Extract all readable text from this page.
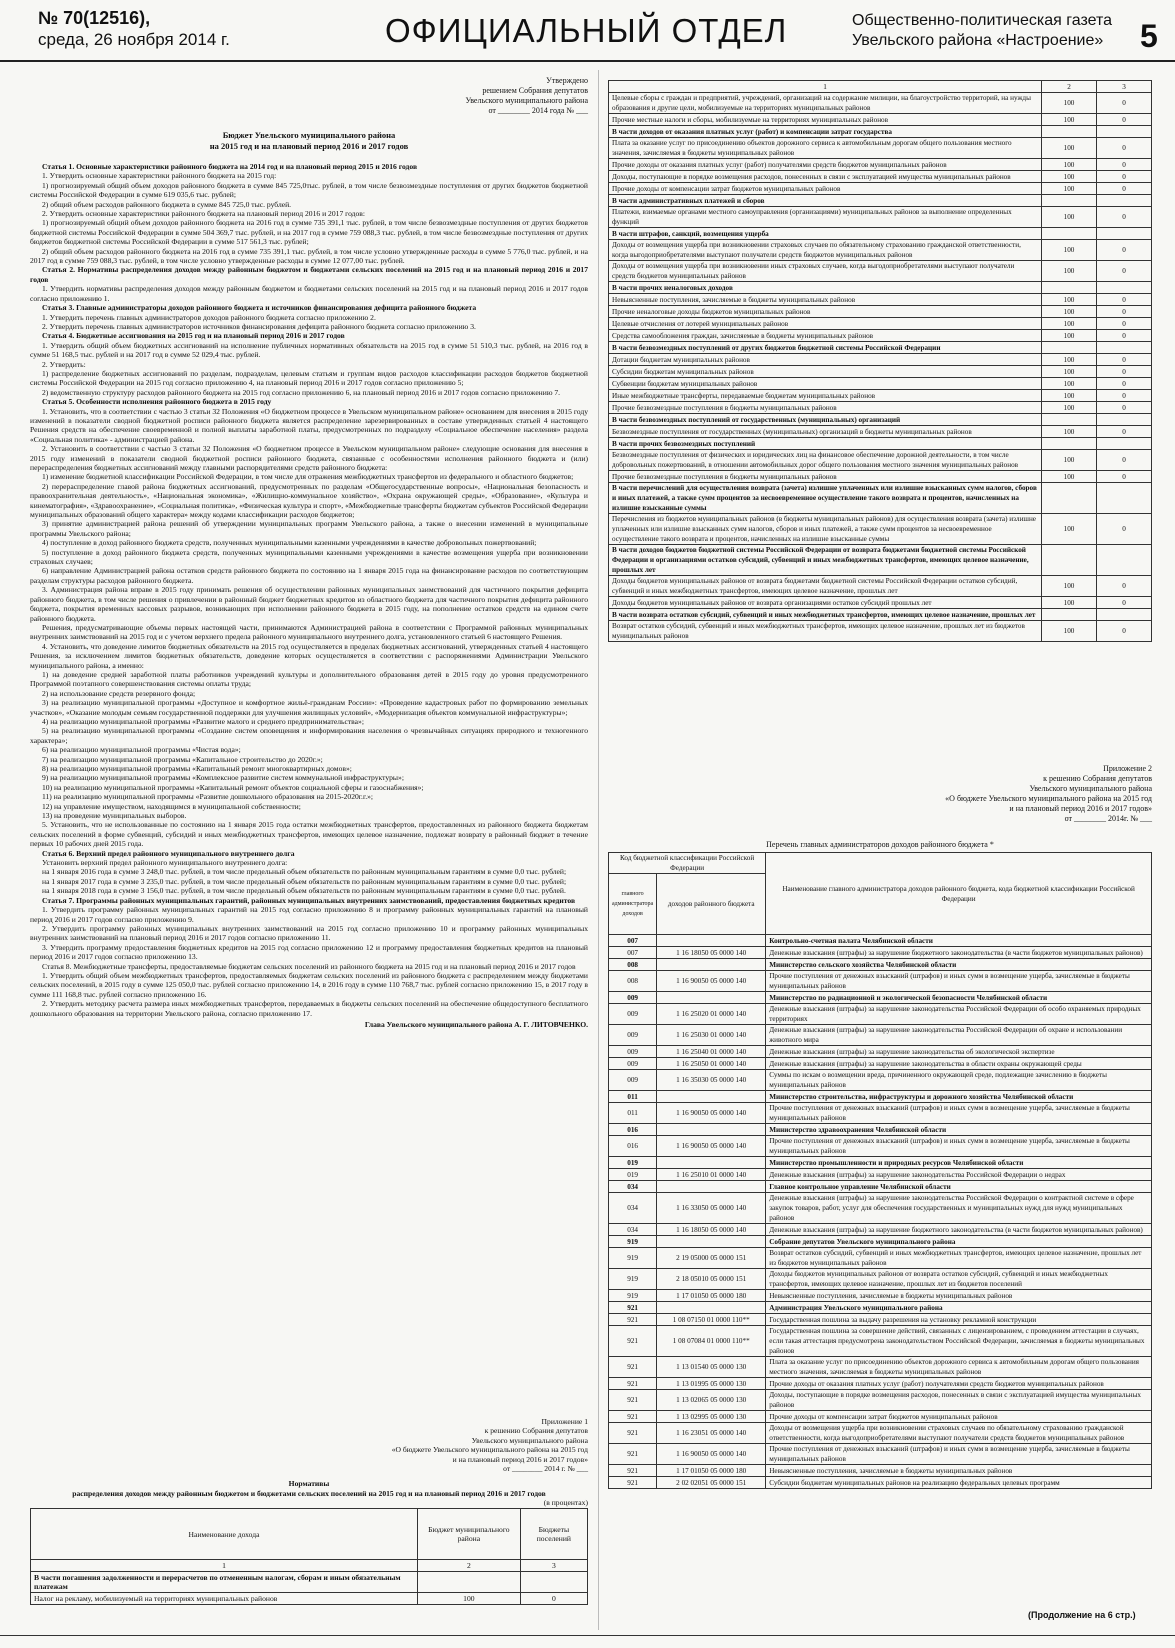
№ 70(12516),
среда, 26 ноября 2014 г.	ОФИЦИАЛЬНЫЙ ОТДЕЛ	Общественно-политическая газета
Увельского района «Настроение» 5
Утверждено
решением Собрания депутатов
Увельского муниципального района
от ________ 2014 года № ___
Бюджет Увельского муниципального района
на 2015 год и на плановый период 2016 и 2017 годов

Статья 1. Основные характеристики районного бюджета на 2014 год и на плановый период 2015 и 2016 годов

1. Утвердить основные характеристики районного бюджета на 2015 год:

1) прогнозируемый общий объем доходов районного бюджета в сумме 845 725,0тыс. рублей, в том числе безвозмездные поступления от других бюджетов бюджетной системы Российской Федерации в сумме 619 035,6 тыс. рублей;

2) общий объем расходов районного бюджета в сумме 845 725,0 тыс. рублей.

2. Утвердить основные характеристики районного бюджета на плановый период 2016 и 2017 годов:

1) прогнозируемый общий объем доходов районного бюджета на 2016 год в сумме 735 391,1 тыс. рублей, в том числе безвозмездные поступления от других бюджетов бюджетной системы Российской Федерации в сумме 504 369,7 тыс. рублей, и на 2017 год в сумме 759 088,3 тыс. рублей, в том числе безвозмездные поступления от других бюджетов бюджетной системы Российской Федерации в сумме 517 561,3 тыс. рублей;

2) общий объем расходов районного бюджета на 2016 год в сумме 735 391,1 тыс. рублей, в том числе условно утвержденные расходы в сумме 5 776,0 тыс. рублей, и на 2017 год в сумме 759 088,3 тыс. рублей, в том числе условно утвержденные расходы в сумме 12 077,00 тыс. рублей.

Статья 2. Нормативы распределения доходов между районным бюджетом и бюджетами сельских поселений на 2015 год и на плановый период 2016 и 2017 годов

1. Утвердить нормативы распределения доходов между районным бюджетом и бюджетами сельских поселений на 2015 год и на плановый период 2016 и 2017 годов согласно приложению 1.

Статья 3. Главные администраторы доходов районного бюджета и источников финансирования дефицита районного бюджета

1. Утвердить перечень главных администраторов доходов районного бюджета согласно приложению 2.

2. Утвердить перечень главных администраторов источников финансирования дефицита районного бюджета согласно приложению 3.

Статья 4. Бюджетные ассигнования на 2015 год и на плановый период 2016 и 2017 годов

1. Утвердить общий объем бюджетных ассигнований на исполнение публичных нормативных обязательств на 2015 год в сумме 51 510,3 тыс. рублей, на 2016 год в сумме 51 168,5 тыс. рублей и на 2017 год в сумме 52 029,4 тыс. рублей.

2. Утвердить:

1) распределение бюджетных ассигнований по разделам, подразделам, целевым статьям и группам видов расходов классификации расходов бюджетов бюджетной системы Российской Федерации на 2015 год согласно приложению 4, на плановый период 2016 и 2017 годов согласно приложению 5;

2) ведомственную структуру расходов районного бюджета на 2015 год согласно приложению 6, на плановый период 2016 и 2017 годов согласно приложению 7.

Статья 5. Особенности исполнения районного бюджета в 2015 году

1. Установить, что в соответствии с частью 3 статьи 32 Положения «О бюджетном процессе в Увельском муниципальном районе» основанием для внесения в 2015 году изменений в показатели сводной бюджетной росписи районного бюджета является распределение зарезервированных в составе утвержденных статьей 4 настоящего Решения средств на обеспечение своевременной и полной выплаты заработной платы, предусмотренных по подразделу «Социальное обеспечение населения» раздела «Социальная политика» - администрацией района.

2. Установить в соответствии с частью 3 статьи 32 Положения «О бюджетном процессе в Увельском муниципальном районе» следующие основания для внесения в 2015 году изменений в показатели сводной бюджетной росписи районного бюджета, связанные с особенностями исполнения районного бюджета и (или) перераспределения бюджетных ассигнований между главными распорядителями средств районного бюджета:

1) изменение бюджетной классификации Российской Федерации, в том числе для отражения межбюджетных трансфертов из федерального и областного бюджетов;

2) перераспределение главой района бюджетных ассигнований, предусмотренных по разделам «Общегосударственные вопросы», «Национальная безопасность и правоохранительная деятельность», «Национальная экономика», «Жилищно-коммунальное хозяйство», «Охрана окружающей среды», «Образование», «Культура и кинематография», «Здравоохранение», «Социальная политика», «Физическая культура и спорт», «Межбюджетные трансферты бюджетам субъектов Российской Федерации муниципальных образований общего характера» между кодами классификации расходов бюджетов;

3) принятие администрацией района решений об утверждении муниципальных программ Увельского района, а также о внесении изменений в муниципальные программы Увельского района;

4) поступление в доход районного бюджета средств, полученных муниципальными казенными учреждениями в качестве добровольных пожертвований;

5) поступление в доход районного бюджета средств, полученных муниципальными казенными учреждениями в качестве возмещения ущерба при возникновении страховых случаев;

6) направление Администрацией района остатков средств районного бюджета по состоянию на 1 января 2015 года на финансирование расходов по соответствующим разделам структуры расходов районного бюджета.

3. Администрация района вправе в 2015 году принимать решения об осуществлении районных муниципальных заимствований для частичного покрытия дефицита районного бюджета, в том числе решения о привлечении в районный бюджет бюджетных кредитов из областного бюджета для частичного покрытия дефицита районного бюджета, покрытия временных кассовых разрывов, возникающих при исполнении районного бюджета в 2015 году, на пополнение остатков средств на едином счете районного бюджета.

Решения, предусматривающие объемы первых настоящей части, принимаются Администрацией района в соответствии с Программой районных муниципальных внутренних заимствований на 2015 год и с учетом верхнего предела районного муниципального внутреннего долга, установленного статьей 6 настоящего Решения.

4. Установить, что доведение лимитов бюджетных обязательств на 2015 год осуществляется в пределах бюджетных ассигнований, утвержденных статьей 4 настоящего Решения, за исключением лимитов бюджетных обязательств, доведение которых осуществляется в соответствии с распоряжениями Администрации Увельского муниципального района, а именно:

1) на доведение средней заработной платы работников учреждений культуры и дополнительного образования детей в 2015 году до уровня предусмотренного Программой поэтапного совершенствования системы оплаты труда;

2) на использование средств резервного фонда;

3) на реализацию муниципальной программы «Доступное и комфортное жильё-гражданам России»: «Проведение кадастровых работ по формированию земельных участков», «Оказание молодым семьям государственной поддержки для улучшения жилищных условий», «Модернизация объектов коммунальной инфраструктуры»;

4) на реализацию муниципальной программы «Развитие малого и среднего предпринимательства»;

5) на реализацию муниципальной программы «Создание систем оповещения и информирования населения о чрезвычайных ситуациях природного и техногенного характера»;

6) на реализацию муниципальной программы «Чистая вода»;

7) на реализацию муниципальной программы «Капитальное строительство до 2020г.»;

8) на реализацию муниципальной программы «Капитальный ремонт многоквартирных домов»;

9) на реализацию муниципальной программы «Комплексное развитие систем коммунальной инфраструктуры»;

10) на реализацию муниципальной программы «Капитальный ремонт объектов социальной сферы и газоснабжения»;

11) на реализацию муниципальной программы «Развитие дошкольного образования на 2015-2020г.г.»;

12) на управление имуществом, находящимся в муниципальной собственности;

13) на проведение муниципальных выборов.

5. Установить, что не использованные по состоянию на 1 января 2015 года остатки межбюджетных трансфертов, предоставленных из районного бюджета бюджетам сельских поселений в форме субвенций, субсидий и иных межбюджетных трансфертов, имеющих целевое назначение, подлежат возврату в районный бюджет в течение первых 10 рабочих дней 2015 года.

Статья 6. Верхний предел районного муниципального внутреннего долга

Установить верхний предел районного муниципального внутреннего долга:

на 1 января 2016 года в сумме 3 248,0 тыс. рублей, в том числе предельный объем обязательств по районным муниципальным гарантиям в сумме 0,0 тыс. рублей;

на 1 января 2017 года в сумме 3 235,0 тыс. рублей, в том числе предельный объем обязательств по районным муниципальным гарантиям в сумме 0,0 тыс. рублей;

на 1 января 2018 года в сумме 3 156,0 тыс. рублей, в том числе предельный объем обязательств по районным муниципальным гарантиям в сумме 0,0 тыс. рублей.

Статья 7. Программы районных муниципальных гарантий, районных муниципальных внутренних заимствований, предоставления бюджетных кредитов

1. Утвердить программу районных муниципальных гарантий на 2015 год согласно приложению 8 и программу районных муниципальных гарантий на плановый период 2016 и 2017 годов согласно приложению 9.

2. Утвердить программу районных муниципальных внутренних заимствований на 2015 год согласно приложению 10 и программу районных муниципальных внутренних заимствований на плановый период 2016 и 2017 годов согласно приложению 11.

3. Утвердить программу предоставления бюджетных кредитов на 2015 год согласно приложению 12 и программу предоставления бюджетных кредитов на плановый период 2016 и 2017 годов согласно приложению 13.

Статья 8. Межбюджетные трансферты, предоставляемые бюджетам сельских поселений из районного бюджета на 2015 год и на плановый период 2016 и 2017 годов

1. Утвердить общий объем межбюджетных трансфертов, предоставляемых бюджетам сельских поселений из районного бюджета с распределением между бюджетами сельских поселений, в 2015 году в сумме 125 050,0 тыс. рублей согласно приложению 14, в 2016 году в сумме 110 768,7 тыс. рублей согласно приложению 15, в 2017 году в сумме 111 168,8 тыс. рублей согласно приложению 16.

2. Утвердить методику расчета размера иных межбюджетных трансфертов, передаваемых в бюджеты сельских поселений на обеспечение общедоступного бесплатного дошкольного образования на территории Увельского района, согласно приложению 17.

Глава Увельского муниципального района А. Г. ЛИТОВЧЕНКО.
Приложение 1
к решению Собрания депутатов
Увельского муниципального района
«О бюджете Увельского муниципального района на 2015 год
и на плановый период 2016 и 2017 годов»
от ________ 2014 г. № ___
Нормативы
распределения доходов между районным бюджетом и бюджетами сельских поселений на 2015 год и на плановый период 2016 и 2017 годов
(в процентах)
Наименование дохода	Бюджет муниципального района	Бюджеты поселений
1	2	3
В части погашения задолженности и перерасчетов по отмененным налогам, сборам и иным обязательным платежам		
Налог на рекламу, мобилизуемый на территориях муниципальных районов	100	0
1	2	3
Целевые сборы с граждан и предприятий, учреждений, организаций на содержание милиции, на благоустройство территорий, на нужды образования и другие цели, мобилизуемые на территориях муниципальных районов	100	0
Прочие местные налоги и сборы, мобилизуемые на территориях муниципальных районов	100	0
В части доходов от оказания платных услуг (работ) и компенсации затрат государства		
Плата за оказание услуг по присоединению объектов дорожного сервиса к автомобильным дорогам общего пользования местного значения, зачисляемая в бюджеты муниципальных районов	100	0
Прочие доходы от оказания платных услуг (работ) получателями средств бюджетов муниципальных районов	100	0
Доходы, поступающие в порядке возмещения расходов, понесенных в связи с эксплуатацией имущества муниципальных районов	100	0
Прочие доходы от компенсации затрат бюджетов муниципальных районов	100	0
В части административных платежей и сборов		
Платежи, взимаемые органами местного самоуправления (организациями) муниципальных районов за выполнение определенных функций	100	0
В части штрафов, санкций, возмещения ущерба		
Доходы от возмещения ущерба при возникновении страховых случаев по обязательному страхованию гражданской ответственности, когда выгодоприобретателями выступают получатели средств бюджетов муниципальных районов	100	0
Доходы от возмещения ущерба при возникновении иных страховых случаев, когда выгодоприобретателями выступают получатели средств бюджетов муниципальных районов	100	0
В части прочих неналоговых доходов		
Невыясненные поступления, зачисляемые в бюджеты муниципальных районов	100	0
Прочие неналоговые доходы бюджетов муниципальных районов	100	0
Целевые отчисления от лотерей муниципальных районов	100	0
Средства самообложения граждан, зачисляемые в бюджеты муниципальных районов	100	0
В части безвозмездных поступлений от других бюджетов бюджетной системы Российской Федерации		
Дотации бюджетам муниципальных районов	100	0
Субсидии бюджетам муниципальных районов	100	0
Субвенции бюджетам муниципальных районов	100	0
Иные межбюджетные трансферты, передаваемые бюджетам муниципальных районов	100	0
Прочие безвозмездные поступления в бюджеты муниципальных районов	100	0
В части безвозмездных поступлений от государственных (муниципальных) организаций		
Безвозмездные поступления от государственных (муниципальных) организаций в бюджеты муниципальных районов	100	0
В части прочих безвозмездных поступлений		
Безвозмездные поступления от физических и юридических лиц на финансовое обеспечение дорожной деятельности, в том числе добровольных пожертвований, в отношении автомобильных дорог общего пользования местного значения муниципальных районов	100	0
Прочие безвозмездные поступления в бюджеты муниципальных районов	100	0
В части перечислений для осуществления возврата (зачета) излишне уплаченных или излишне взысканных сумм налогов, сборов и иных платежей, а также сумм процентов за несвоевременное осуществление такого возврата и процентов, начисленных на излишне взысканные суммы		
Перечисления из бюджетов муниципальных районов (в бюджеты муниципальных районов) для осуществления возврата (зачета) излишне уплаченных или излишне взысканных сумм налогов, сборов и иных платежей, а также сумм процентов за несвоевременное осуществление такого возврата и процентов, начисленных на излишне взысканные суммы	100	0
В части доходов бюджетов бюджетной системы Российской Федерации от возврата бюджетами бюджетной системы Российской Федерации и организациями остатков субсидий, субвенций и иных межбюджетных трансфертов, имеющих целевое назначение, прошлых лет		
Доходы бюджетов муниципальных районов от возврата бюджетами бюджетной системы Российской Федерации остатков субсидий, субвенций и иных межбюджетных трансфертов, имеющих целевое назначение, прошлых лет	100	0
Доходы бюджетов муниципальных районов от возврата организациями остатков субсидий прошлых лет	100	0
В части возврата остатков субсидий, субвенций и иных межбюджетных трансфертов, имеющих целевое назначение, прошлых лет		
Возврат остатков субсидий, субвенций и иных межбюджетных трансфертов, имеющих целевое назначение, прошлых лет из бюджетов муниципальных районов	100	0
Приложение 2
к решению Собрания депутатов
Увельского муниципального района
«О бюджете Увельского муниципального района на 2015 год
и на плановый период 2016 и 2017 годов»
от ________ 2014г. № ___
Перечень главных администраторов доходов районного бюджета *
Код бюджетной классификации Российской Федерации		Наименование главного администратора доходов районного бюджета, кода бюджетной классификации Российской Федерации
главного администратора доходов	доходов районного бюджета	
007		Контрольно-счетная палата Челябинской области
007	1 16 18050 05 0000 140	Денежные взыскания (штрафы) за нарушение бюджетного законодательства (в части бюджетов муниципальных районов)
008		Министерство сельского хозяйства Челябинской области
008	1 16 90050 05 0000 140	Прочие поступления от денежных взысканий (штрафов) и иных сумм в возмещение ущерба, зачисляемые в бюджеты муниципальных районов
009		Министерство по радиационной и экологической безопасности Челябинской области
009	1 16 25020 01 0000 140	Денежные взыскания (штрафы) за нарушение законодательства Российской Федерации об особо охраняемых природных территориях
009	1 16 25030 01 0000 140	Денежные взыскания (штрафы) за нарушение законодательства Российской Федерации об охране и использовании животного мира
009	1 16 25040 01 0000 140	Денежные взыскания (штрафы) за нарушение законодательства об экологической экспертизе
009	1 16 25050 01 0000 140	Денежные взыскания (штрафы) за нарушение законодательства в области охраны окружающей среды
009	1 16 35030 05 0000 140	Суммы по искам о возмещении вреда, причиненного окружающей среде, подлежащие зачислению в бюджеты муниципальных районов
011		Министерство строительства, инфраструктуры и дорожного хозяйства Челябинской области
011	1 16 90050 05 0000 140	Прочие поступления от денежных взысканий (штрафов) и иных сумм в возмещение ущерба, зачисляемые в бюджеты муниципальных районов
016		Министерство здравоохранения Челябинской области
016	1 16 90050 05 0000 140	Прочие поступления от денежных взысканий (штрафов) и иных сумм в возмещение ущерба, зачисляемые в бюджеты муниципальных районов
019		Министерство промышленности и природных ресурсов Челябинской области
019	1 16 25010 01 0000 140	Денежные взыскания (штрафы) за нарушение законодательства Российской Федерации о недрах
034		Главное контрольное управление Челябинской области
034	1 16 33050 05 0000 140	Денежные взыскания (штрафы) за нарушение законодательства Российской Федерации о контрактной системе в сфере закупок товаров, работ, услуг для обеспечения государственных и муниципальных нужд для нужд муниципальных районов
034	1 16 18050 05 0000 140	Денежные взыскания (штрафы) за нарушение бюджетного законодательства (в части бюджетов муниципальных районов)
919		Собрание депутатов Увельского муниципального района
919	2 19 05000 05 0000 151	Возврат остатков субсидий, субвенций и иных межбюджетных трансфертов, имеющих целевое назначение, прошлых лет из бюджетов муниципальных районов
919	2 18 05010 05 0000 151	Доходы бюджетов муниципальных районов от возврата остатков субсидий, субвенций и иных межбюджетных трансфертов, имеющих целевое назначение, прошлых лет из бюджетов поселений
919	1 17 01050 05 0000 180	Невыясненные поступления, зачисляемые в бюджеты муниципальных районов
921		Администрация Увельского муниципального района
921	1 08 07150 01 0000 110**	Государственная пошлина за выдачу разрешения на установку рекламной конструкции
921	1 08 07084 01 0000 110**	Государственная пошлина за совершение действий, связанных с лицензированием, с проведением аттестации в случаях, если такая аттестация предусмотрена законодательством Российской Федерации, зачисляемая в бюджеты муниципальных районов
921	1 13 01540 05 0000 130	Плата за оказание услуг по присоединению объектов дорожного сервиса к автомобильным дорогам общего пользования местного значения, зачисляемая в бюджеты муниципальных районов
921	1 13 01995 05 0000 130	Прочие доходы от оказания платных услуг (работ) получателями средств бюджетов муниципальных районов
921	1 13 02065 05 0000 130	Доходы, поступающие в порядке возмещения расходов, понесенных в связи с эксплуатацией имущества муниципальных районов
921	1 13 02995 05 0000 130	Прочие доходы от компенсации затрат бюджетов муниципальных районов
921	1 16 23051 05 0000 140	Доходы от возмещения ущерба при возникновении страховых случаев по обязательному страхованию гражданской ответственности, когда выгодоприобретателями выступают получатели средств бюджетов муниципальных районов
921	1 16 90050 05 0000 140	Прочие поступления от денежных взысканий (штрафов) и иных сумм в возмещение ущерба, зачисляемые в бюджеты муниципальных районов
921	1 17 01050 05 0000 180	Невыясненные поступления, зачисляемые в бюджеты муниципальных районов
921	2 02 02051 05 0000 151	Субсидии бюджетам муниципальных районов на реализацию федеральных целевых программ
(Продолжение на 6 стр.)
